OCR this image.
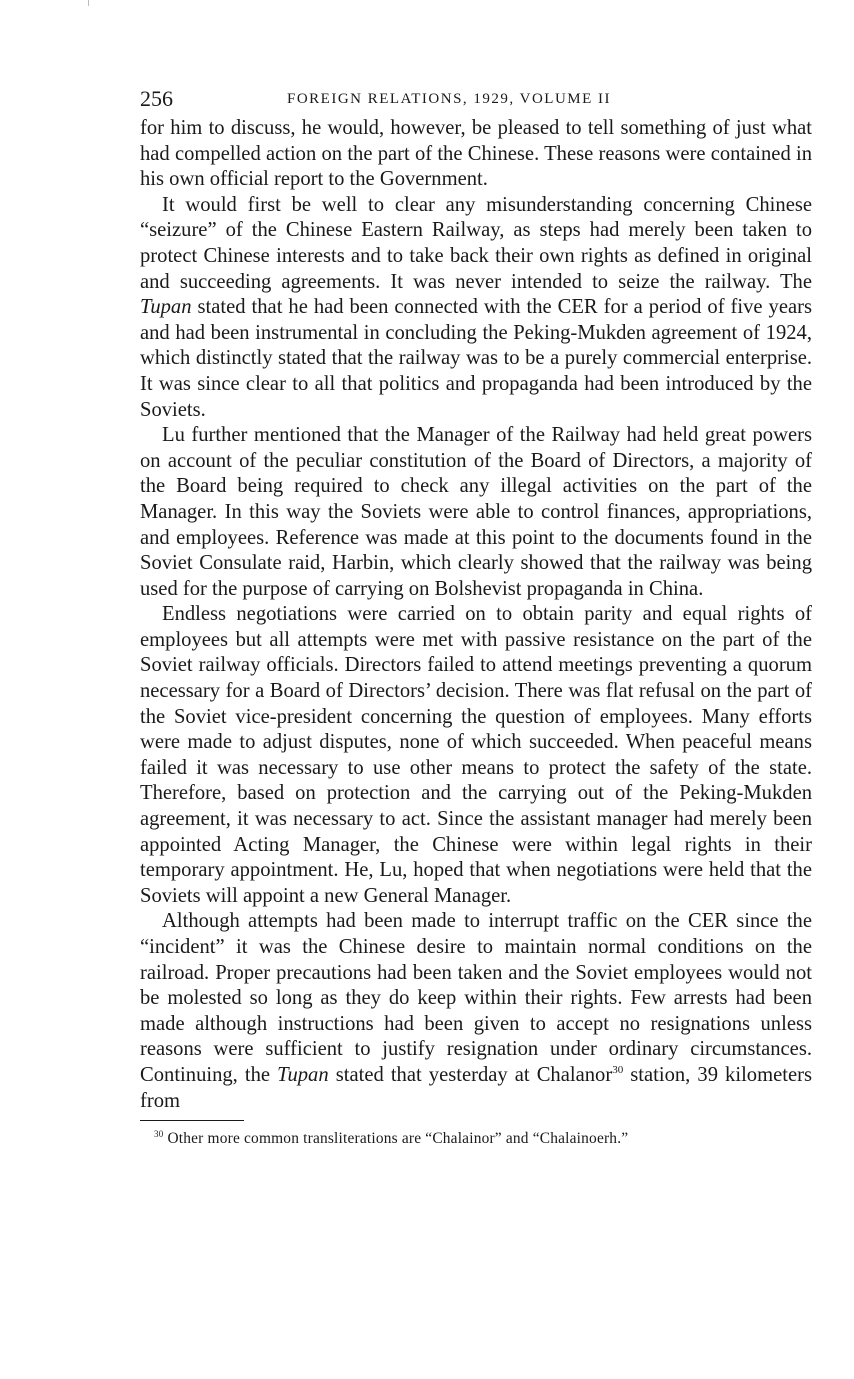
256	FOREIGN RELATIONS, 1929, VOLUME II

for him to discuss, he would, however, be pleased to tell something of just what had compelled action on the part of the Chinese. These reasons were contained in his own official report to the Government.

It would first be well to clear any misunderstanding concerning Chinese “seizure” of the Chinese Eastern Railway, as steps had merely been taken to protect Chinese interests and to take back their own rights as defined in original and succeeding agreements. It was never intended to seize the railway. The Tupan stated that he had been connected with the CER for a period of five years and had been instrumental in concluding the Peking-Mukden agreement of 1924, which distinctly stated that the railway was to be a purely commercial enterprise. It was since clear to all that politics and propaganda had been introduced by the Soviets.

Lu further mentioned that the Manager of the Railway had held great powers on account of the peculiar constitution of the Board of Directors, a majority of the Board being required to check any illegal activities on the part of the Manager. In this way the Soviets were able to control finances, appropriations, and employees. Reference was made at this point to the documents found in the Soviet Consulate raid, Harbin, which clearly showed that the railway was being used for the purpose of carrying on Bolshevist propaganda in China.

Endless negotiations were carried on to obtain parity and equal rights of employees but all attempts were met with passive resistance on the part of the Soviet railway officials. Directors failed to attend meetings preventing a quorum necessary for a Board of Directors’ decision. There was flat refusal on the part of the Soviet vice-president concerning the question of employees. Many efforts were made to adjust disputes, none of which succeeded. When peaceful means failed it was necessary to use other means to protect the safety of the state. Therefore, based on protection and the carrying out of the Peking-Mukden agreement, it was necessary to act. Since the assistant manager had merely been appointed Acting Manager, the Chinese were within legal rights in their temporary appointment. He, Lu, hoped that when negotiations were held that the Soviets will appoint a new General Manager.

Although attempts had been made to interrupt traffic on the CER since the “incident” it was the Chinese desire to maintain normal conditions on the railroad. Proper precautions had been taken and the Soviet employees would not be molested so long as they do keep within their rights. Few arrests had been made although instructions had been given to accept no resignations unless reasons were sufficient to justify resignation under ordinary circumstances. Continuing, the Tupan stated that yesterday at Chalanor$^{30}$ station, 39 kilometers from

$^{30}$ Other more common transliterations are “Chalainor” and “Chalainoerh.”
